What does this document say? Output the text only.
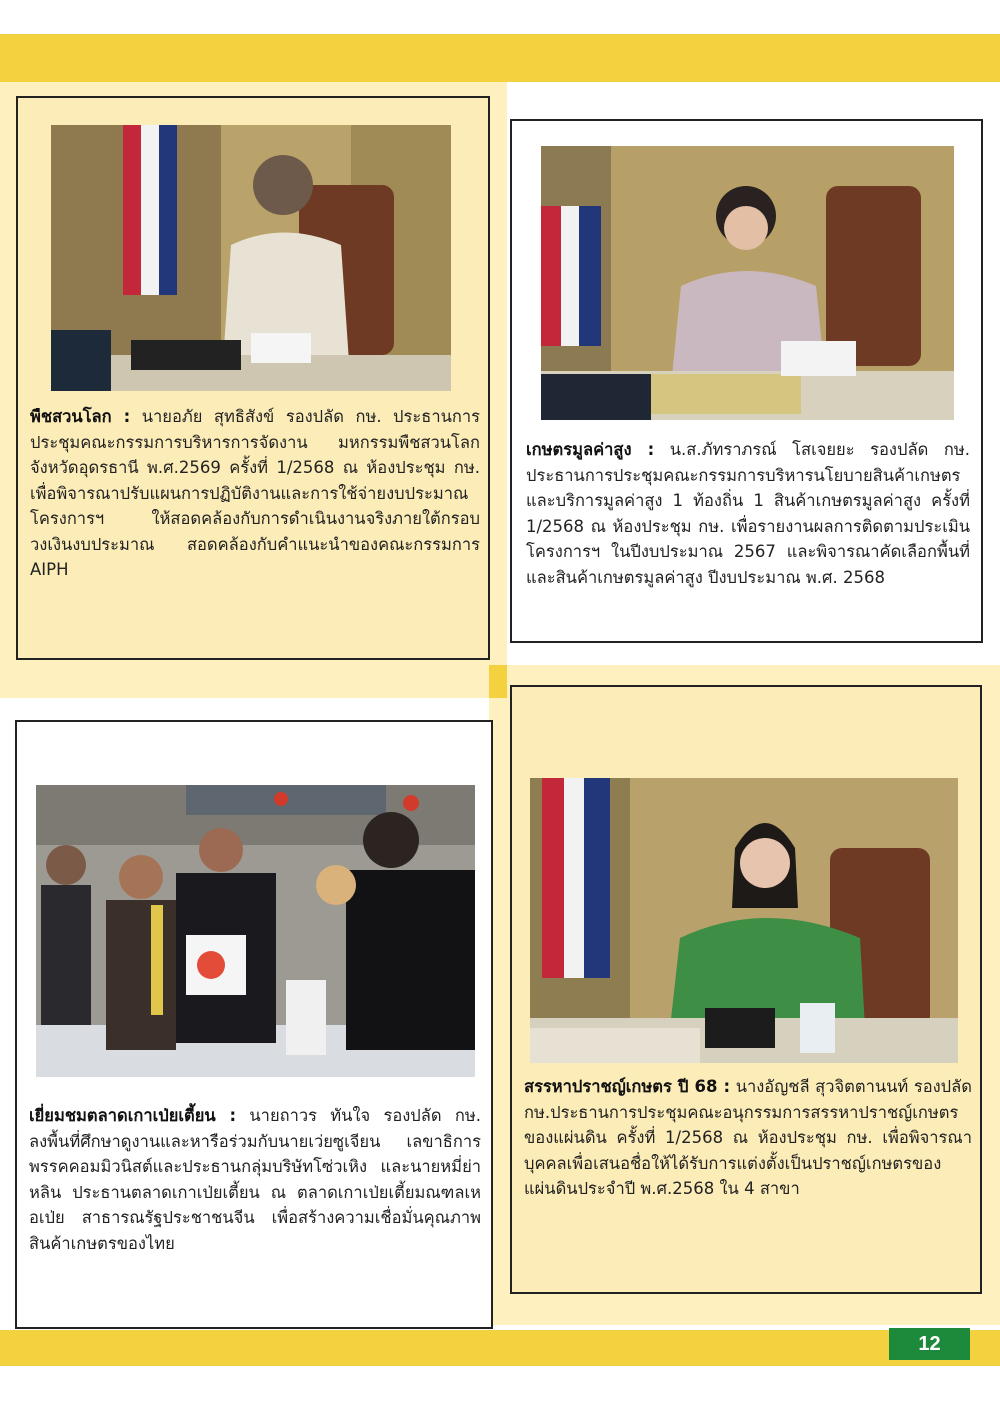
พืชสวนโลก : นายอภัย สุทธิสังข์ รองปลัด กษ. ประธานการประชุมคณะกรรมการบริหารการจัดงาน มหกรรมพืชสวนโลกจังหวัดอุดรธานี พ.ศ.2569 ครั้งที่ 1/2568 ณ ห้องประชุม กษ. เพื่อพิจารณาปรับแผนการปฏิบัติงานและการใช้จ่ายงบประมาณโครงการฯ ให้สอดคล้องกับการดำเนินงานจริงภายใต้กรอบวงเงินงบประมาณ สอดคล้องกับคำแนะนำของคณะกรรมการ AIPH
เกษตรมูลค่าสูง : น.ส.ภัทราภรณ์ โสเจยยะ รองปลัด กษ. ประธานการประชุมคณะกรรมการบริหารนโยบายสินค้าเกษตรและบริการมูลค่าสูง 1 ท้องถิ่น 1 สินค้าเกษตรมูลค่าสูง ครั้งที่ 1/2568 ณ ห้องประชุม กษ. เพื่อรายงานผลการติดตามประเมินโครงการฯ ในปีงบประมาณ 2567 และพิจารณาคัดเลือกพื้นที่และสินค้าเกษตรมูลค่าสูง ปีงบประมาณ พ.ศ. 2568
เยี่ยมชมตลาดเกาเป่ยเตี้ยน : นายถาวร ทันใจ รองปลัด กษ. ลงพื้นที่ศึกษาดูงานและหารือร่วมกับนายเว่ยซูเจียน เลขาธิการพรรคคอมมิวนิสต์และประธานกลุ่มบริษัทโซ่วเหิง และนายหมี่ย่าหลิน ประธานตลาดเกาเป่ยเตี้ยน ณ ตลาดเกาเป่ยเตี้ยมณฑลเหอเป่ย สาธารณรัฐประชาชนจีน เพื่อสร้างความเชื่อมั่นคุณภาพสินค้าเกษตรของไทย
สรรหาปราชญ์เกษตร ปี 68 : นางอัญชลี สุวจิตตานนท์ รองปลัดกษ.ประธานการประชุมคณะอนุกรรมการสรรหาปราชญ์เกษตรของแผ่นดิน ครั้งที่ 1/2568 ณ ห้องประชุม กษ. เพื่อพิจารณาบุคคลเพื่อเสนอชื่อให้ได้รับการแต่งตั้งเป็นปราชญ์เกษตรของแผ่นดินประจำปี พ.ศ.2568 ใน 4 สาขา
12
